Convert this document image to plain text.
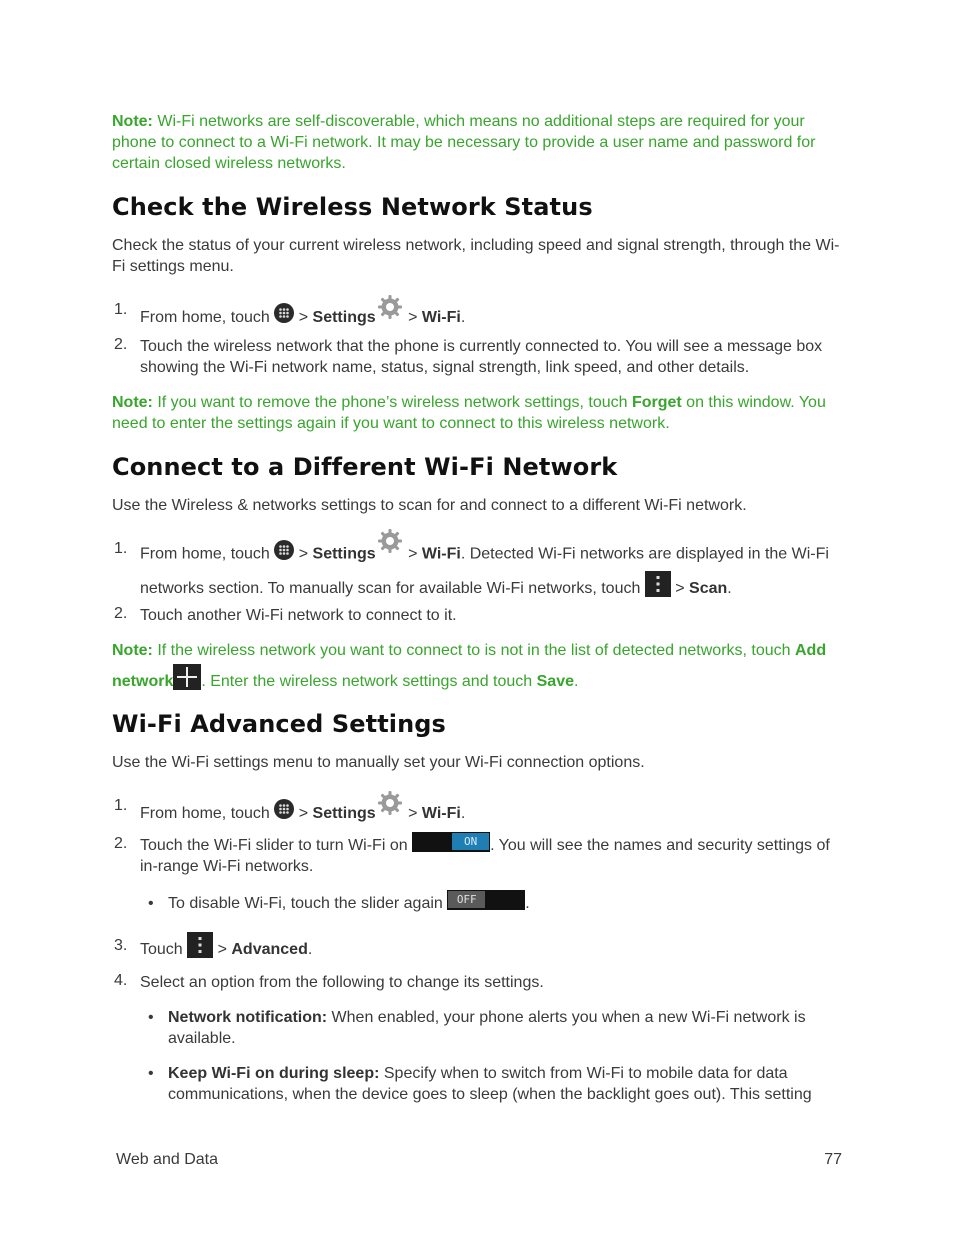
Note: Wi-Fi networks are self-discoverable, which means no additional steps are required for your phone to connect to a Wi-Fi network. It may be necessary to provide a user name and password for certain closed wireless networks.
Check the Wireless Network Status
Check the status of your current wireless network, including speed and signal strength, through the Wi-Fi settings menu.
1. From home, touch
> Settings > Wi-Fi.
2. Touch the wireless network that the phone is currently connected to. You will see a message box showing the Wi-Fi network name, status, signal strength, link speed, and other details.
Note: If you want to remove the phone’s wireless network settings, touch Forget on this window. You need to enter the settings again if you want to connect to this wireless network.
Connect to a Different Wi-Fi Network
Use the Wireless & networks settings to scan for and connect to a different Wi-Fi network.
1. From home, touch
> Settings > Wi-Fi. Detected Wi-Fi networks are displayed in the Wi-Fi networks section. To manually scan for available Wi-Fi networks, touch  > Scan.
2. Touch another Wi-Fi network to connect to it.
Note: If the wireless network you want to connect to is not in the list of detected networks, touch Add network . Enter the wireless network settings and touch Save.
Wi-Fi Advanced Settings
Use the Wi-Fi settings menu to manually set your Wi-Fi connection options.
1. From home, touch
> Settings > Wi-Fi.
2. Touch the Wi-Fi slider to turn Wi-Fi on	ON . You will see the names and security settings of in-range Wi-Fi networks.
• To disable Wi-Fi, touch the slider again OFF	.
3. Touch  > Advanced.
4. Select an option from the following to change its settings.
• Network notification: When enabled, your phone alerts you when a new Wi-Fi network is available.
• Keep Wi-Fi on during sleep: Specify when to switch from Wi-Fi to mobile data for data communications, when the device goes to sleep (when the backlight goes out). This setting
Web and Data	77
